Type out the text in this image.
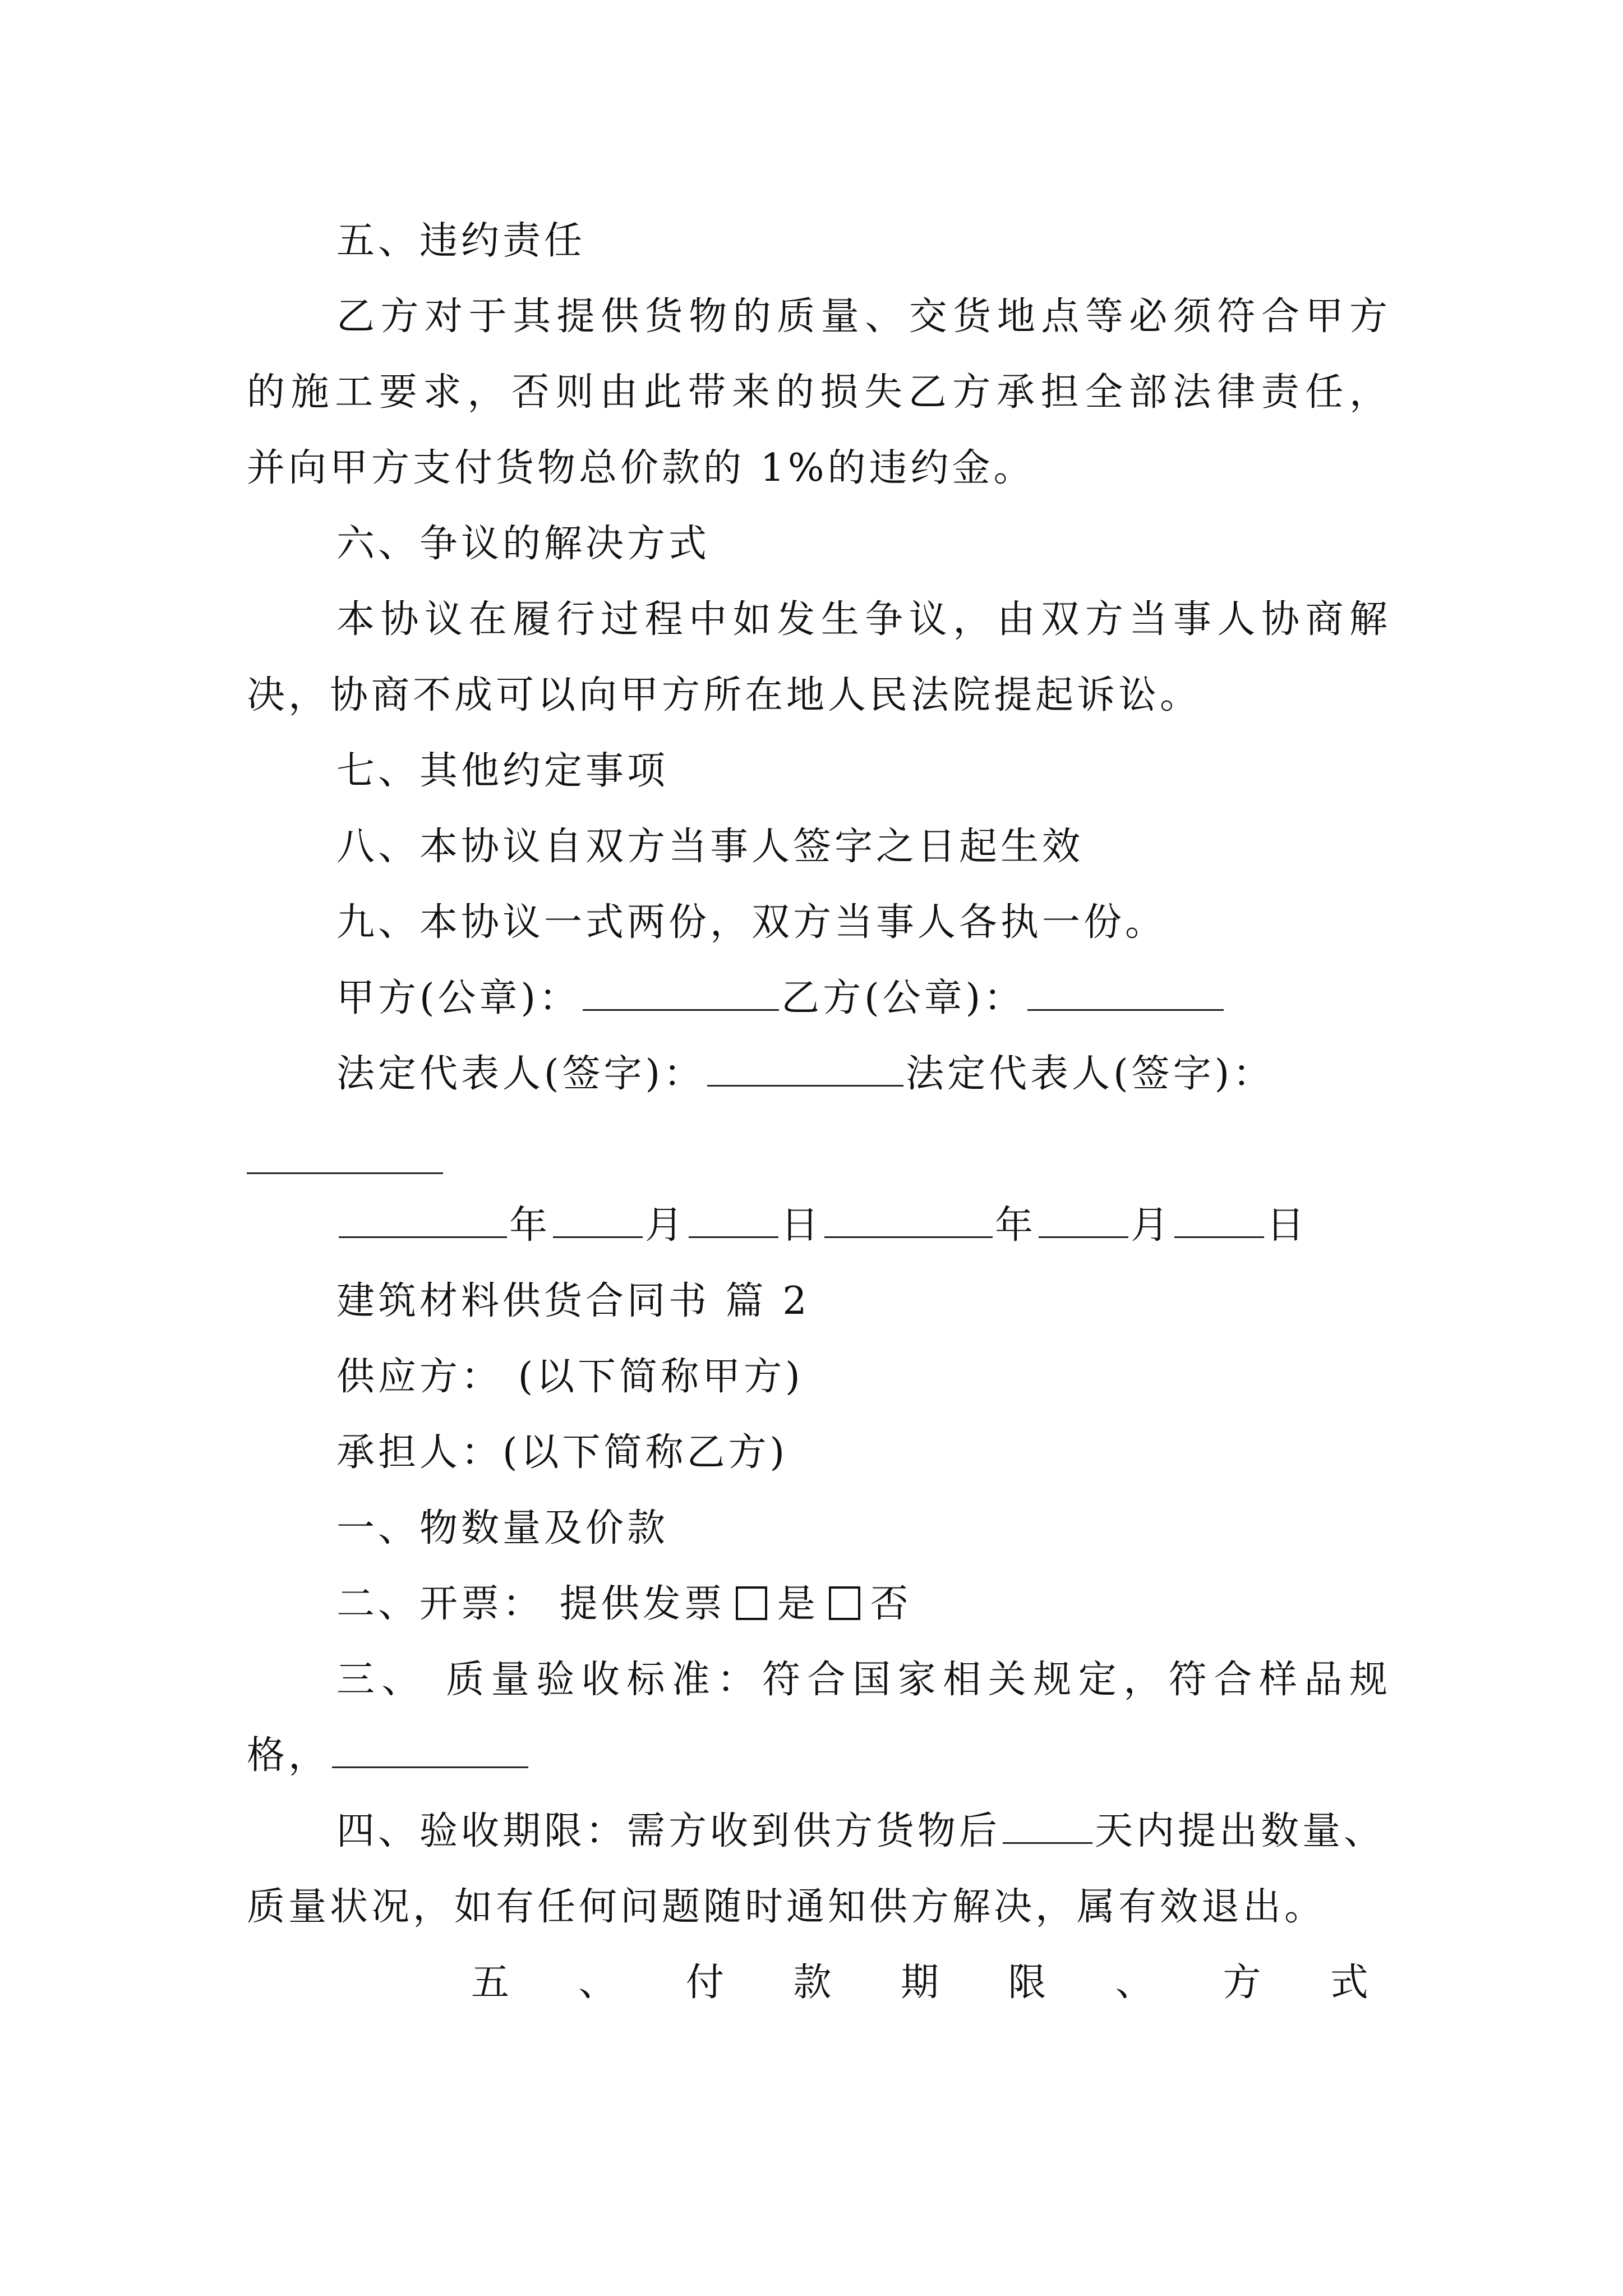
五、违约责任
乙方对于其提供货物的质量、交货地点等必须符合甲方
的施工要求，否则由此带来的损失乙方承担全部法律责任，
并向甲方支付货物总价款的 1%的违约金。
六、争议的解决方式
本协议在履行过程中如发生争议，由双方当事人协商解
决，协商不成可以向甲方所在地人民法院提起诉讼。
七、其他约定事项
八、本协议自双方当事人签字之日起生效
九、本协议一式两份，双方当事人各执一份。
甲方(公章)：	乙方(公章)：
法定代表人(签字)：	法定代表人(签字)：
年 月 日	年 月 日
建筑材料供货合同书 篇 2
供应方： (以下简称甲方)
承担人：(以下简称乙方)
一、物数量及价款
二、开票： 提供发票 是 否
三、 质量验收标准：符合国家相关规定，符合样品规
格，
四、验收期限：需方收到供方货物后 天内提出数量、
质量状况，如有任何问题随时通知供方解决，属有效退出。
五 、 付 款 期 限 、 方 式
